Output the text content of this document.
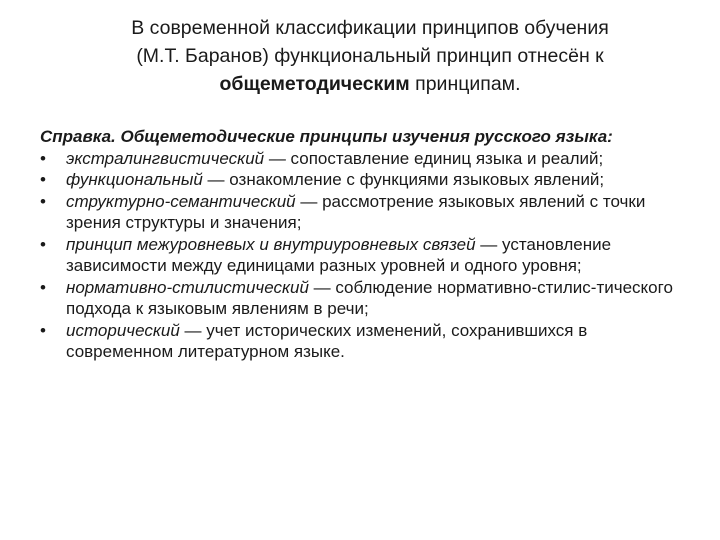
В современной классификации принципов обучения
(М.Т. Баранов) функциональный принцип отнесён к
общеметодическим принципам.
Справка. Общеметодические принципы изучения русского языка:
•	экстралингвистический — сопоставление единиц языка и реалий;
•	функциональный — ознакомление с функциями языковых явлений;
•	структурно-семантический — рассмотрение языковых явлений с точки зрения структуры и значения;
•	принцип межуровневых и внутриуровневых связей — установление зависимости между единицами разных уровней и одного уровня;
•	нормативно-стилистический — соблюдение нормативно-стилис-тического подхода к языковым явлениям в речи;
•	исторический — учет исторических изменений, сохранившихся в современном литературном языке.
